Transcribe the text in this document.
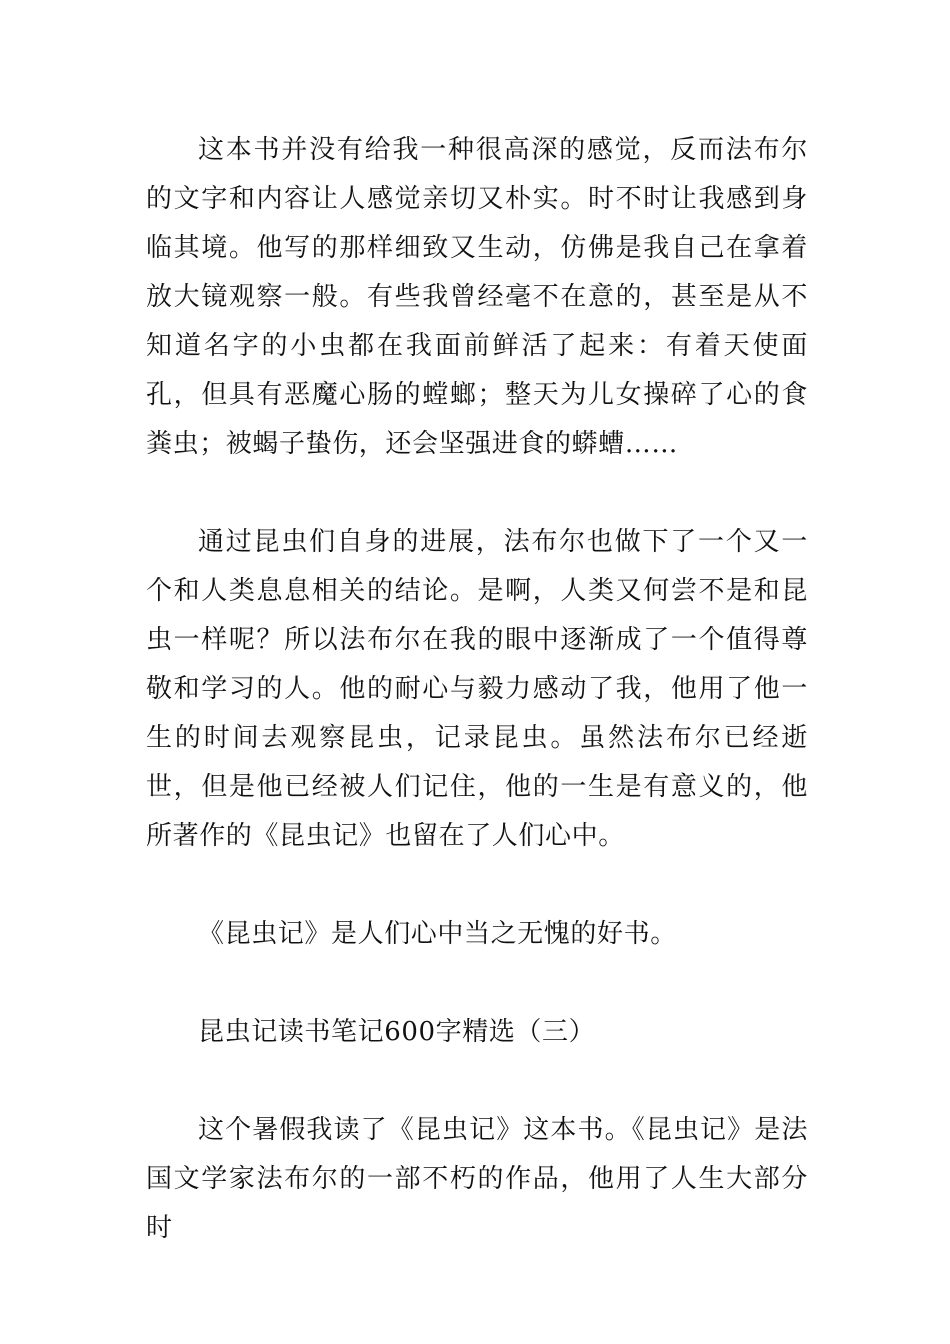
这本书并没有给我一种很高深的感觉，反而法布尔的文字和内容让人感觉亲切又朴实。时不时让我感到身临其境。他写的那样细致又生动，仿佛是我自己在拿着放大镜观察一般。有些我曾经毫不在意的，甚至是从不知道名字的小虫都在我面前鲜活了起来：有着天使面孔，但具有恶魔心肠的螳螂；整天为儿女操碎了心的食粪虫；被蝎子蛰伤，还会坚强进食的蟒螬……

通过昆虫们自身的进展，法布尔也做下了一个又一个和人类息息相关的结论。是啊，人类又何尝不是和昆虫一样呢？所以法布尔在我的眼中逐渐成了一个值得尊敬和学习的人。他的耐心与毅力感动了我，他用了他一生的时间去观察昆虫，记录昆虫。虽然法布尔已经逝世，但是他已经被人们记住，他的一生是有意义的，他所著作的《昆虫记》也留在了人们心中。

《昆虫记》是人们心中当之无愧的好书。

昆虫记读书笔记600字精选（三）

这个暑假我读了《昆虫记》这本书。《昆虫记》是法国文学家法布尔的一部不朽的作品，他用了人生大部分时
